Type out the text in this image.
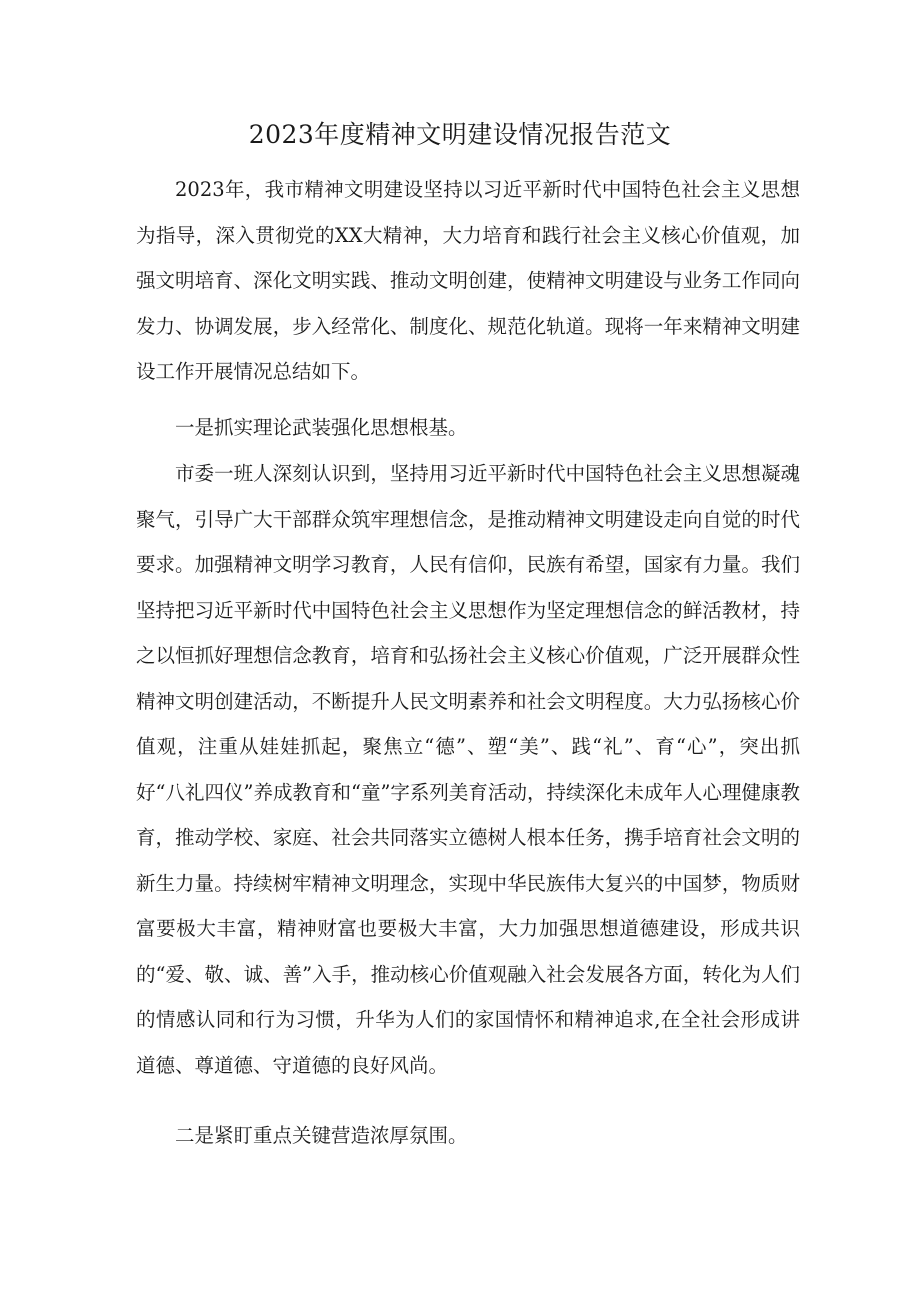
2023年度精神文明建设情况报告范文

2023年，我市精神文明建设坚持以习近平新时代中国特色社会主义思想为指导，深入贯彻党的XX大精神，大力培育和践行社会主义核心价值观，加强文明培育、深化文明实践、推动文明创建，使精神文明建设与业务工作同向发力、协调发展，步入经常化、制度化、规范化轨道。现将一年来精神文明建设工作开展情况总结如下。

一是抓实理论武装强化思想根基。

市委一班人深刻认识到，坚持用习近平新时代中国特色社会主义思想凝魂聚气，引导广大干部群众筑牢理想信念，是推动精神文明建设走向自觉的时代要求。加强精神文明学习教育，人民有信仰，民族有希望，国家有力量。我们坚持把习近平新时代中国特色社会主义思想作为坚定理想信念的鲜活教材，持之以恒抓好理想信念教育，培育和弘扬社会主义核心价值观，广泛开展群众性精神文明创建活动，不断提升人民文明素养和社会文明程度。大力弘扬核心价值观，注重从娃娃抓起，聚焦立“德”、塑“美”、践“礼”、育“心”，突出抓好“八礼四仪”养成教育和“童”字系列美育活动，持续深化未成年人心理健康教育，推动学校、家庭、社会共同落实立德树人根本任务，携手培育社会文明的新生力量。持续树牢精神文明理念，实现中华民族伟大复兴的中国梦，物质财富要极大丰富，精神财富也要极大丰富，大力加强思想道德建设，形成共识的“爱、敬、诚、善”入手，推动核心价值观融入社会发展各方面，转化为人们的情感认同和行为习惯，升华为人们的家国情怀和精神追求,在全社会形成讲道德、尊道德、守道德的良好风尚。

二是紧盯重点关键营造浓厚氛围。
